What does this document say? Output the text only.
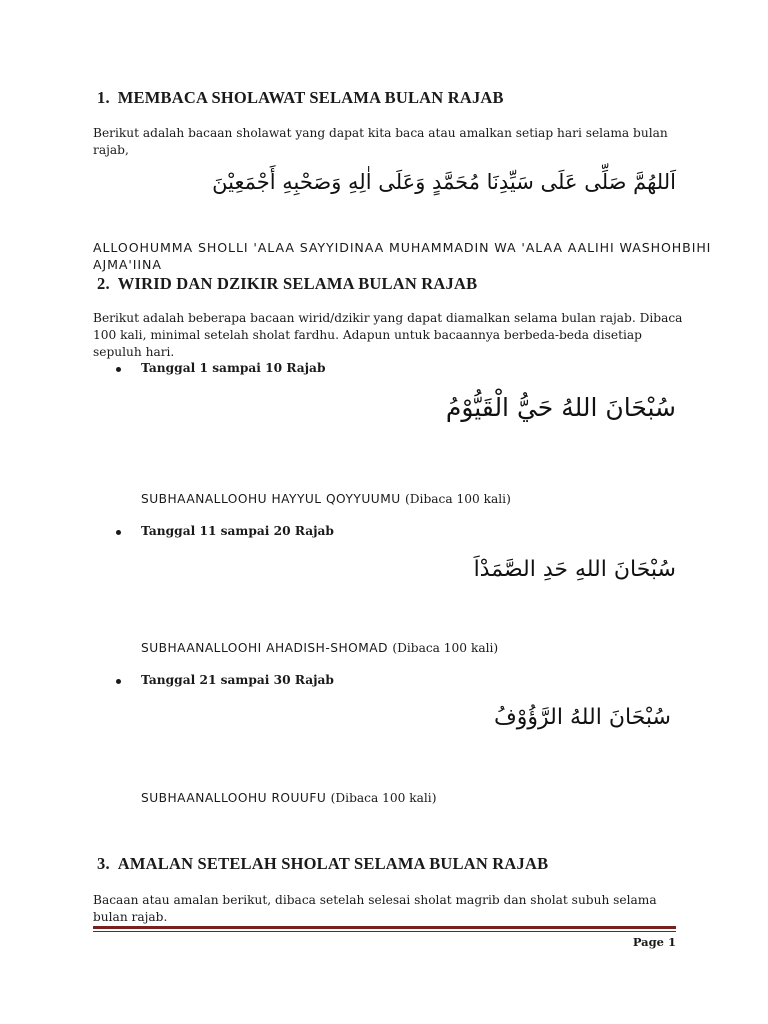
1. MEMBACA SHOLAWAT SELAMA BULAN RAJAB
Berikut adalah bacaan sholawat yang dapat kita baca atau amalkan setiap hari selama bulan rajab,
اَللهُمَّ صَلِّى عَلَى سَيِّدِنَا مُحَمَّدٍ وَعَلَى اٰلِهِ وَصَحْبِهِ أَجْمَعِيْنَ
ALLOOHUMMA SHOLLI 'ALAA SAYYIDINAA MUHAMMADIN WA 'ALAA AALIHI WASHOHBIHI AJMA'IINA
2. WIRID DAN DZIKIR SELAMA BULAN RAJAB
Berikut adalah beberapa bacaan wirid/dzikir yang dapat diamalkan selama bulan rajab. Dibaca 100 kali, minimal setelah sholat fardhu. Adapun untuk bacaannya berbeda-beda disetiap sepuluh hari.
Tanggal 1 sampai 10 Rajab
سُبْحَانَ اللهُ حَيُّ الْقَيُّوْمُ
SUBHAANALLOOHU HAYYUL QOYYUUMU (Dibaca 100 kali)
Tanggal 11 sampai 20 Rajab
سُبْحَانَ اللهِ حَدِ الصَّمَدْاَ
SUBHAANALLOOHI AHADISH-SHOMAD (Dibaca 100 kali)
Tanggal 21 sampai 30 Rajab
سُبْحَانَ اللهُ الرَّؤُوْفُ
SUBHAANALLOOHU ROUUFU (Dibaca 100 kali)
3. AMALAN SETELAH SHOLAT SELAMA BULAN RAJAB
Bacaan atau amalan berikut, dibaca setelah selesai sholat magrib dan sholat subuh selama bulan rajab.
Page 1
